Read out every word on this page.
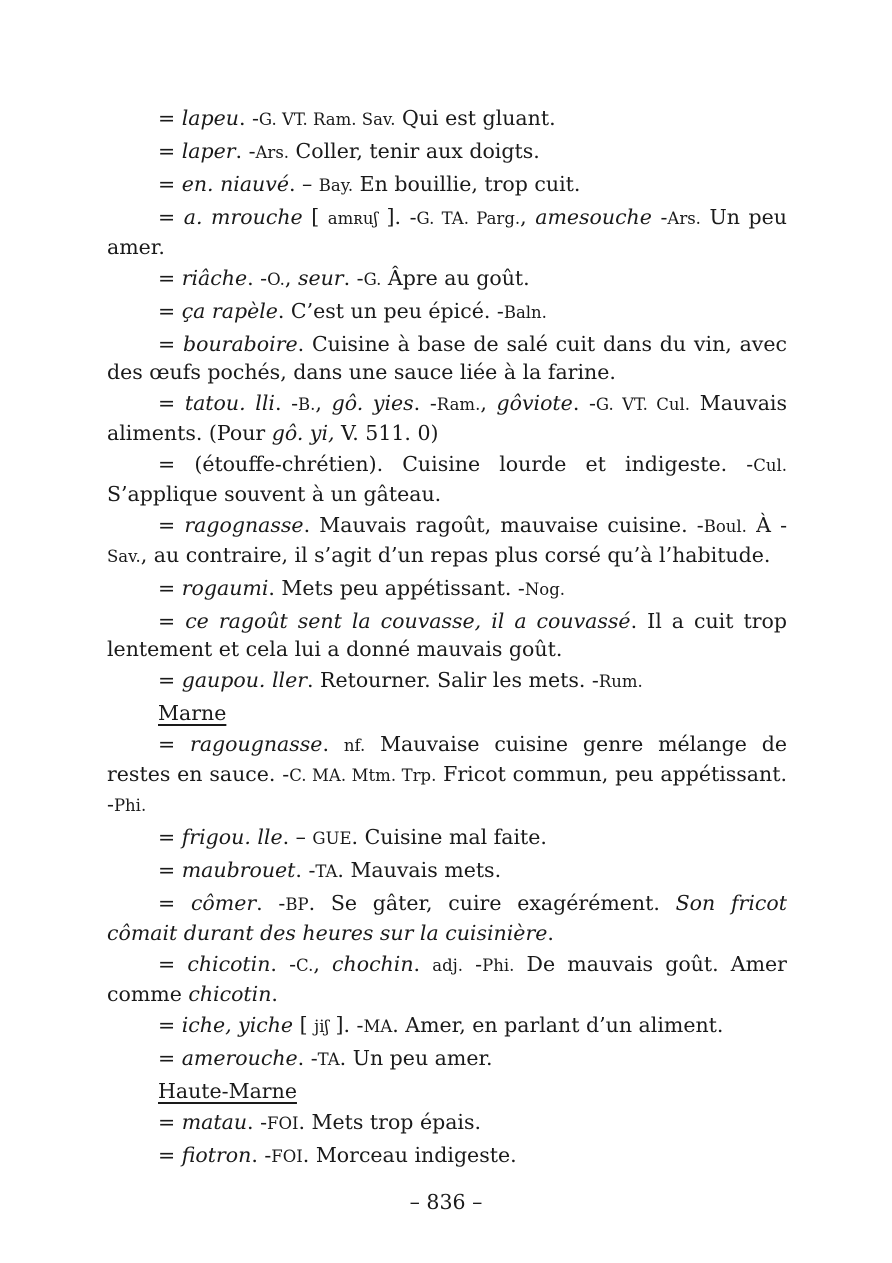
= lapeu. -G. VT. Ram. Sav. Qui est gluant.
= laper. -Ars. Coller, tenir aux doigts.
= en. niauvé. – Bay. En bouillie, trop cuit.
= a. mrouche [ amʀuʃ ]. -G. TA. Parg., amesouche -Ars. Un peu amer.
= riâche. -O., seur. -G. Âpre au goût.
= ça rapèle. C’est un peu épicé. -Baln.
= bouraboire. Cuisine à base de salé cuit dans du vin, avec des œufs pochés, dans une sauce liée à la farine.
= tatou. lli. -B., gô. yies. -Ram., gôviote. -G. VT. Cul. Mauvais aliments. (Pour gô. yi, V. 511. 0)
= (étouffe-chrétien). Cuisine lourde et indigeste. -Cul. S’applique souvent à un gâteau.
= ragognasse. Mauvais ragoût, mauvaise cuisine. -Boul. À -Sav., au contraire, il s’agit d’un repas plus corsé qu’à l’habitude.
= rogaumi. Mets peu appétissant. -Nog.
= ce ragoût sent la couvasse, il a couvassé. Il a cuit trop lentement et cela lui a donné mauvais goût.
= gaupou. ller. Retourner. Salir les mets. -Rum.
Marne
= ragougnasse. nf. Mauvaise cuisine genre mélange de restes en sauce. -C. MA. Mtm. Trp. Fricot commun, peu appétissant. -Phi.
= frigou. lle. – GUE. Cuisine mal faite.
= maubrouet. -TA. Mauvais mets.
= cômer. -BP. Se gâter, cuire exagérément. Son fricot cômait durant des heures sur la cuisinière.
= chicotin. -C., chochin. adj. -Phi. De mauvais goût. Amer comme chicotin.
= iche, yiche [ jiʃ ]. -MA. Amer, en parlant d’un aliment.
= amerouche. -TA. Un peu amer.
Haute-Marne
= matau. -FOI. Mets trop épais.
= fiotron. -FOI. Morceau indigeste.
– 836 –
